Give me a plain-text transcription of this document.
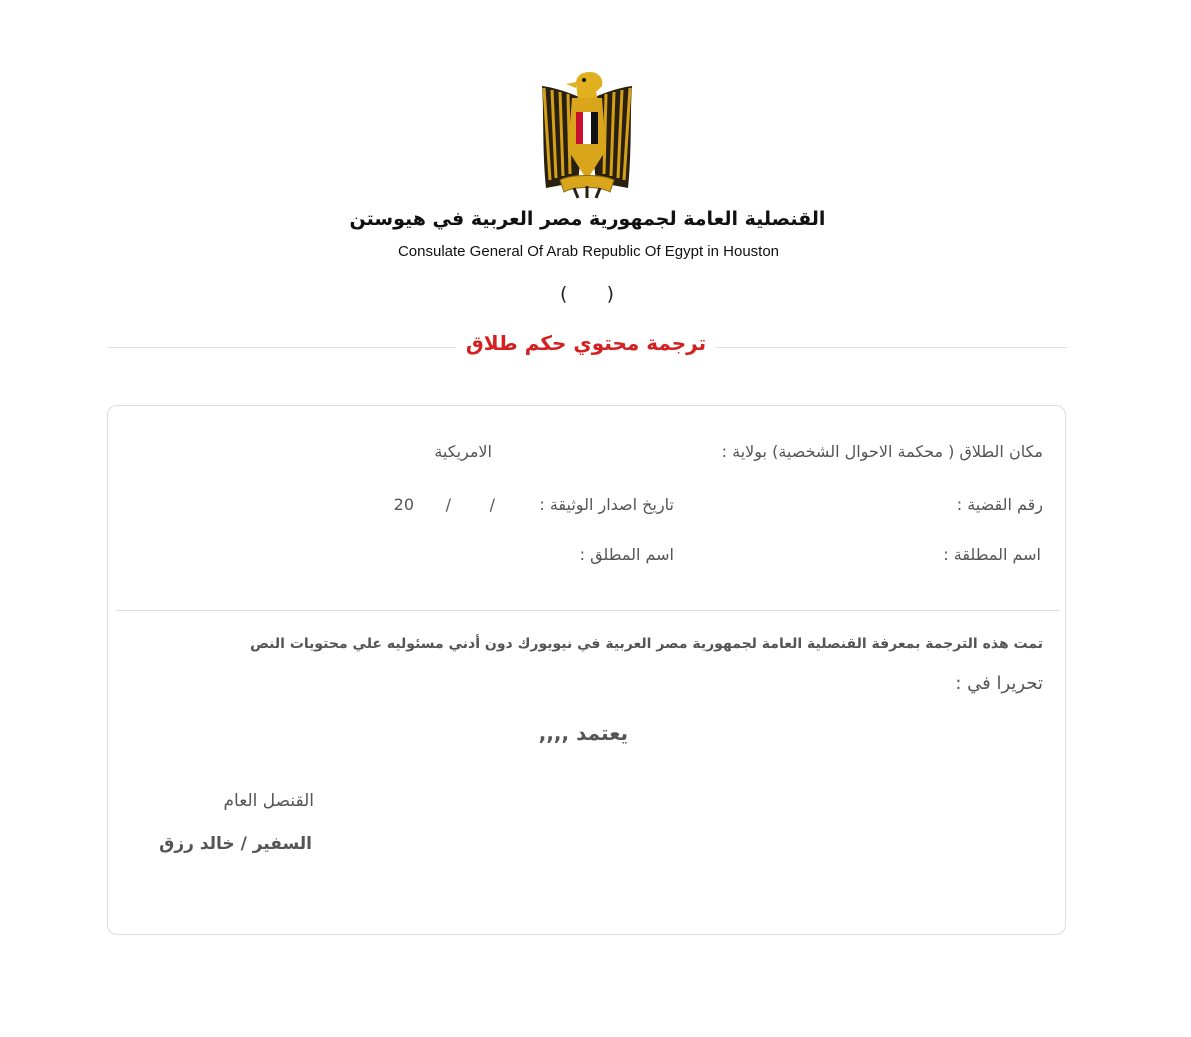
القنصلية العامة لجمهورية مصر العربية في هيوستن
Consulate General Of Arab Republic Of Egypt in Houston
( )
ترجمة محتوي حكم طلاق
مكان الطلاق ( محكمة الاحوال الشخصية) بولاية :
الامريكية
رقم القضية :
تاريخ اصدار الوثيقة :
/
/
20
اسم المطلقة :
اسم المطلق :
تمت هذه الترجمة بمعرفة القنصلية العامة لجمهورية مصر العربية في نيويورك دون أدني مسئوليه علي محتويات النص
تحريرا في :
يعتمد ,,,,
القنصل العام
السفير / خالد رزق
